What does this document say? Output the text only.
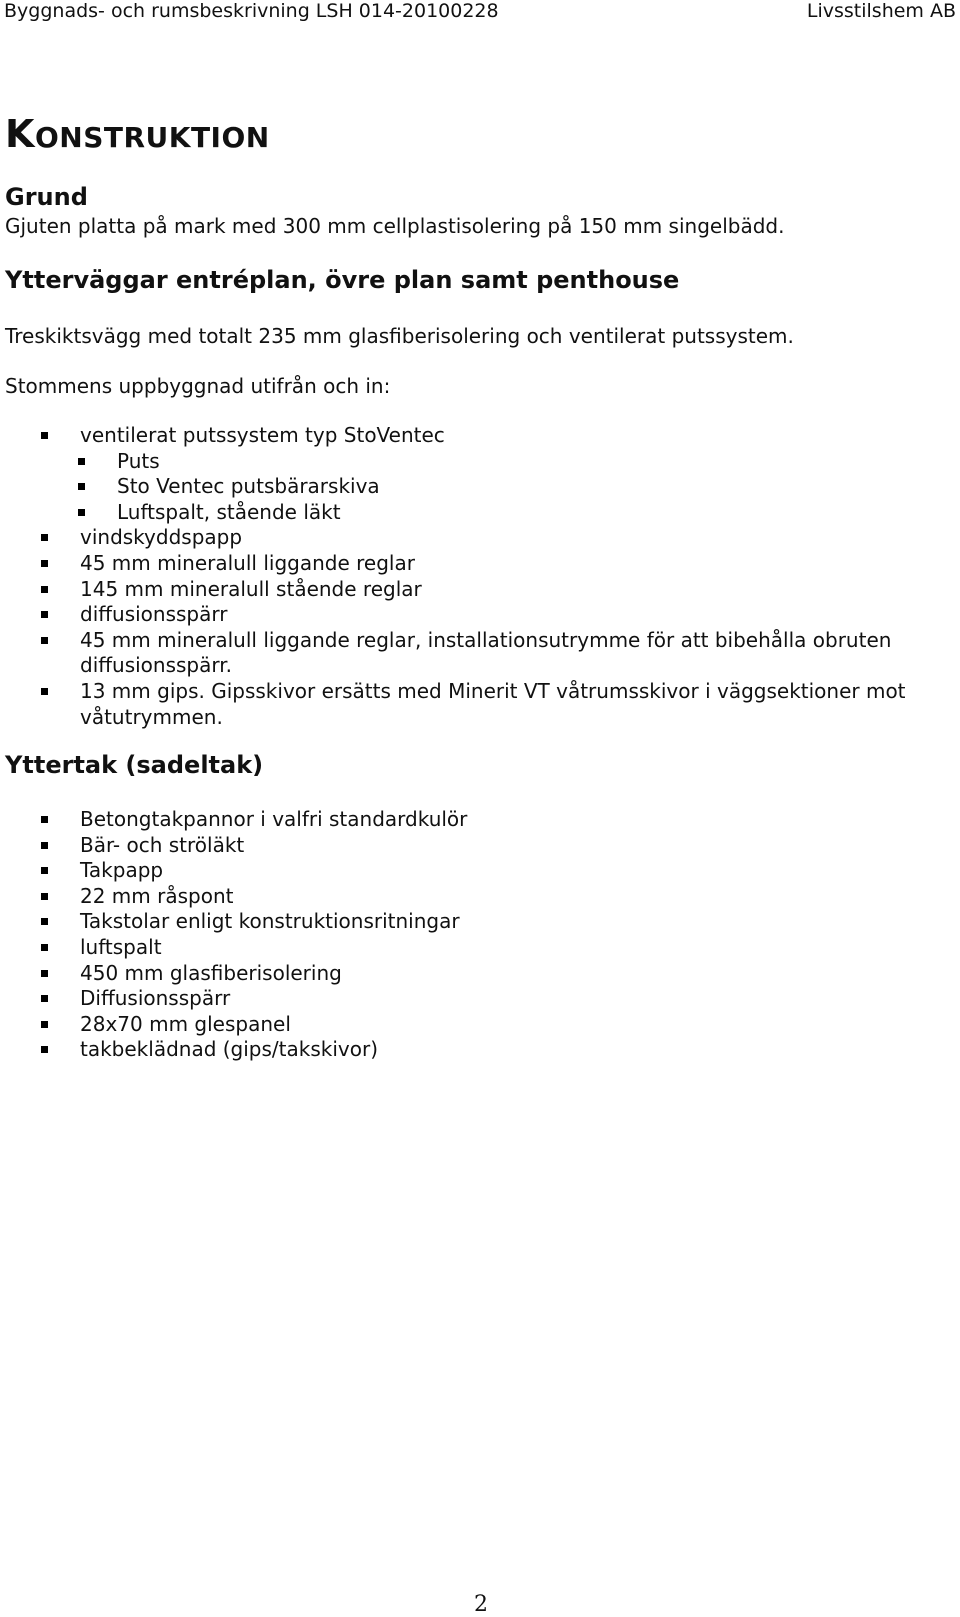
Byggnads- och rumsbeskrivning LSH 014-20100228	Livsstilshem AB
KONSTRUKTION
Grund

Gjuten platta på mark med 300 mm cellplastisolering på 150 mm singelbädd.

Ytterväggar entréplan, övre plan samt penthouse

Treskiktsvägg med totalt 235 mm glasfiberisolering och ventilerat putssystem.

Stommens uppbyggnad utifrån och in:

ventilerat putssystem typ StoVentec
Puts
Sto Ventec putsbärarskiva
Luftspalt, stående läkt
vindskyddspapp
45 mm mineralull liggande reglar
145 mm mineralull stående reglar
diffusionsspärr
45 mm mineralull liggande reglar, installationsutrymme för att bibehålla obruten diffusionsspärr.
13 mm gips. Gipsskivor ersätts med Minerit VT våtrumsskivor i väggsektioner mot våtutrymmen.
Yttertak (sadeltak)
Betongtakpannor i valfri standardkulör
Bär- och ströläkt
Takpapp
22 mm råspont
Takstolar enligt konstruktionsritningar
luftspalt
450 mm glasfiberisolering
Diffusionsspärr
28x70 mm glespanel
takbeklädnad (gips/takskivor)
2
